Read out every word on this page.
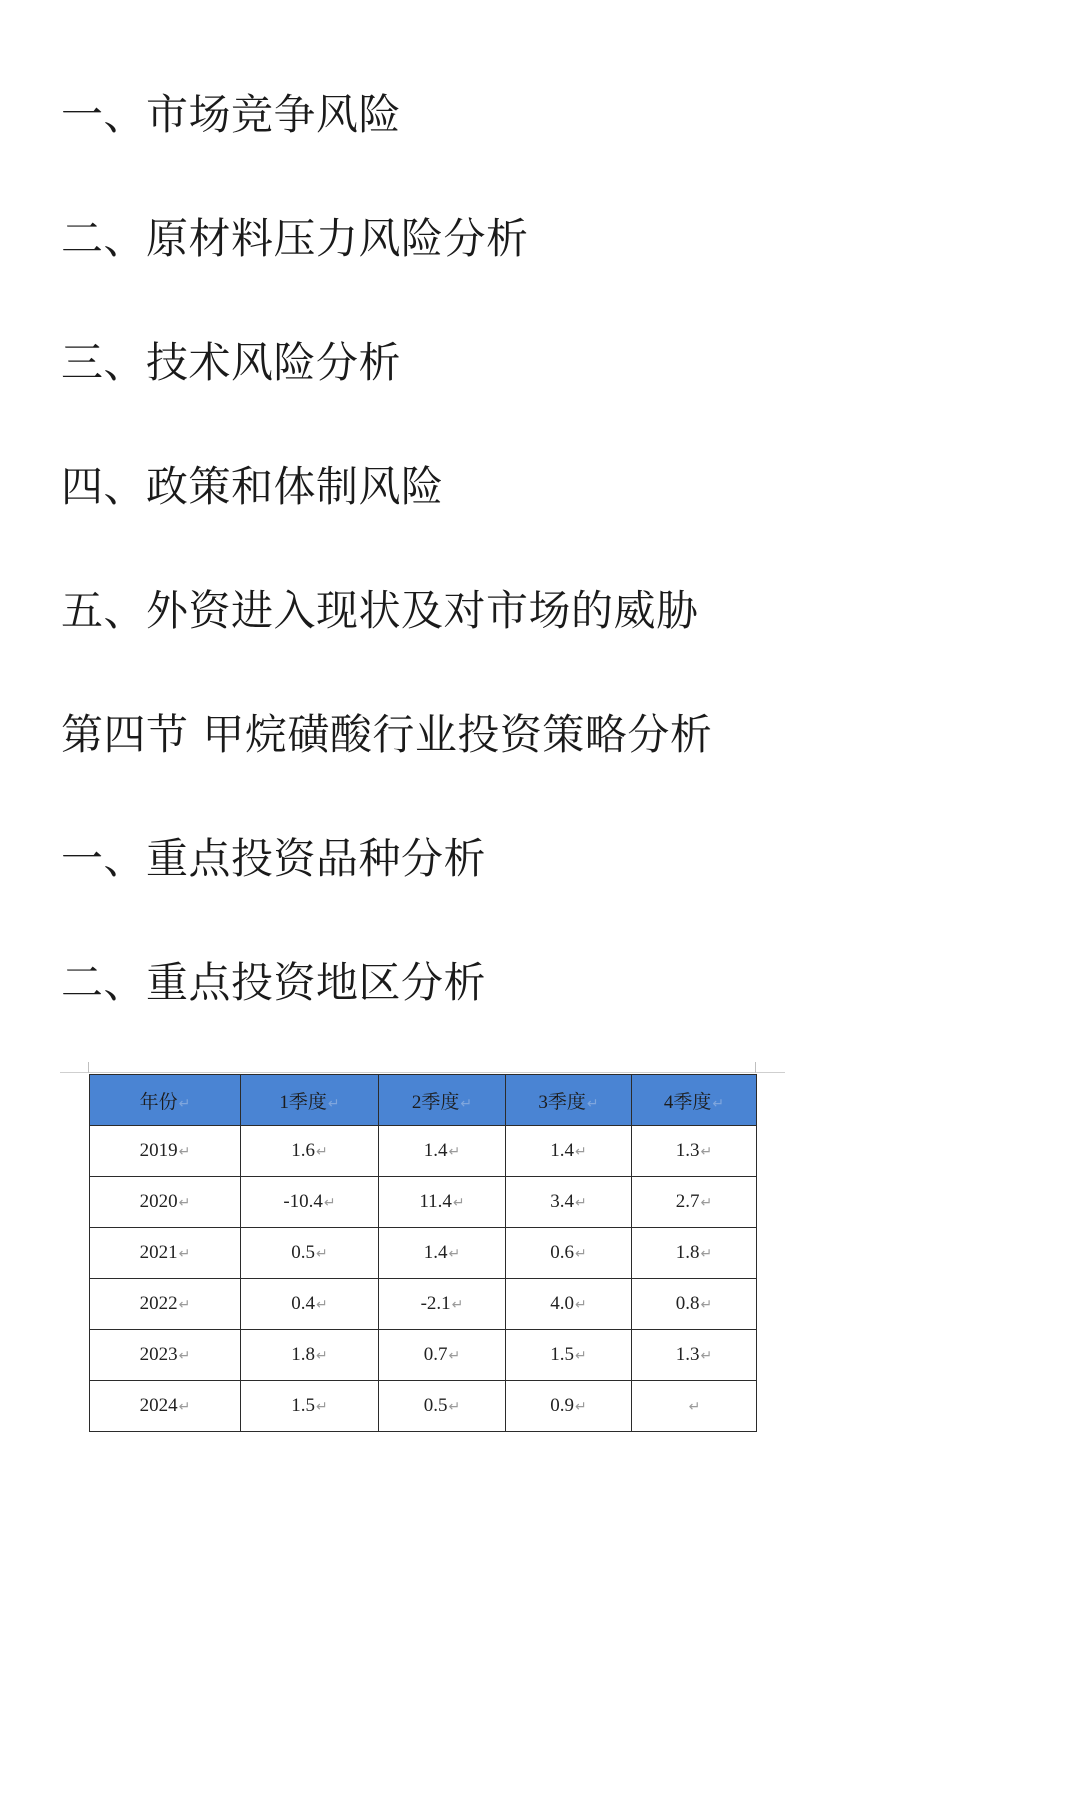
一、市场竞争风险
二、原材料压力风险分析
三、技术风险分析
四、政策和体制风险
五、外资进入现状及对市场的威胁
第四节 甲烷磺酸行业投资策略分析
一、重点投资品种分析
二、重点投资地区分析
年份↵	1季度↵	2季度↵	3季度↵	4季度↵
2019↵	1.6↵	1.4↵	1.4↵	1.3↵
2020↵	-10.4↵	11.4↵	3.4↵	2.7↵
2021↵	0.5↵	1.4↵	0.6↵	1.8↵
2022↵	0.4↵	-2.1↵	4.0↵	0.8↵
2023↵	1.8↵	0.7↵	1.5↵	1.3↵
2024↵	1.5↵	0.5↵	0.9↵	↵
